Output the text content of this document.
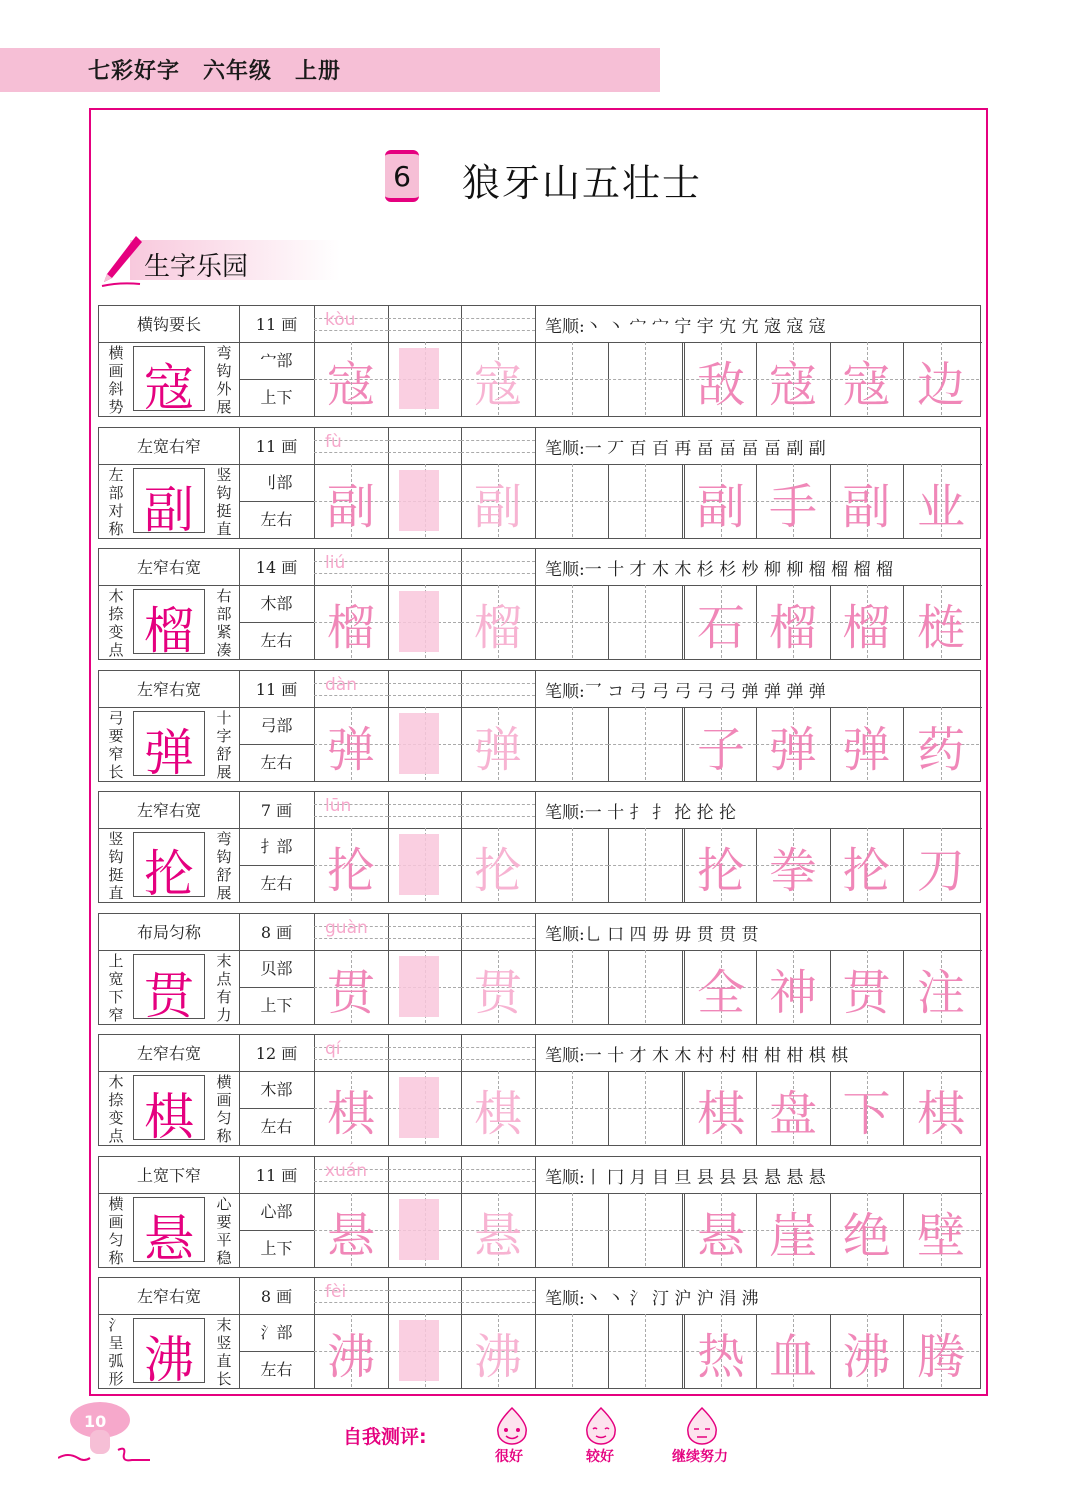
七彩好字　六年级　上册
6 狼牙山五壮士
生字乐园
横钩要长
横画斜势 寇
弯钩外展
11 画
宀部
上下
kòu
寇 寇
笔顺:丶 丶 宀 宀 宁 宇 宄 宄 宼 寇 寇
敌 寇 寇 边
左宽右窄
左部对称 副
竖钩挺直
11 画
刂部
左右
fù
副 副
笔顺:一 丆 百 百 再 畐 畐 畐 畐 副 副
副 手 副 业
左窄右宽
木捺变点 榴
右部紧凑
14 画
木部
左右
liú
榴 榴
笔顺:一 十 才 木 木 杉 杉 杪 柳 柳 榴 榴 榴 榴
石 榴 榴 梿
左窄右宽
弓要窄长 弹
十字舒展
11 画
弓部
左右
dàn
弹 弹
笔顺:乛 コ 弓 弓 弓 弓 弓 弹 弹 弹 弹
子 弹 弹 药
左窄右宽
竖钩挺直 抡
弯钩舒展
7 画
扌部
左右
lūn
抡 抡
笔顺:一 十 扌 扌 抡 抡 抡
抡 拳 抡 刀
布局匀称
上宽下窄 贯
末点有力
8 画
贝部
上下
guàn
贯 贯
笔顺:乚 口 四 毋 毋 贯 贯 贯
全 神 贯 注
左窄右宽
木捺变点 棋
横画匀称
12 画
木部
左右
qí
棋 棋
笔顺:一 十 才 木 木 村 村 柑 柑 柑 棋 棋
棋 盘 下 棋
上宽下窄
横画匀称 悬
心要平稳
11 画
心部
上下
xuán
悬 悬
笔顺:丨 冂 月 目 旦 县 县 县 悬 悬 悬
悬 崖 绝 壁
左窄右宽
氵呈弧形 沸
末竖直长
8 画
氵部
左右
fèi
沸 沸
笔顺:丶 丶 氵 汀 沪 沪 涓 沸
热 血 沸 腾
10
自我测评:
很好	较好	继续努力
